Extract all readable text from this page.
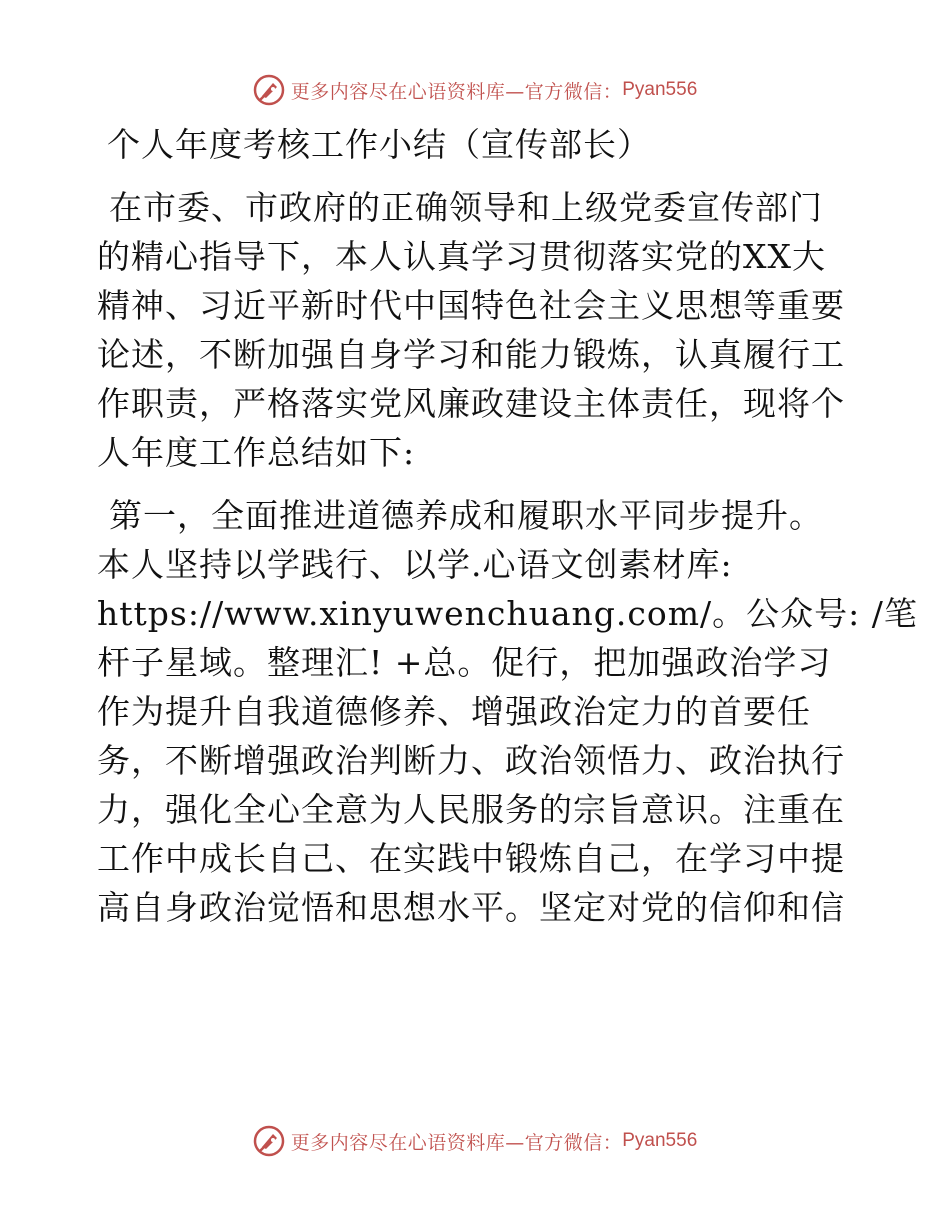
更多内容尽在心语资料库—官方微信： Pyan556
个人年度考核工作小结（宣传部长）
在市委、市政府的正确领导和上级党委宣传部门
的精心指导下，本人认真学习贯彻落实党的XX大
精神、习近平新时代中国特色社会主义思想等重要
论述，不断加强自身学习和能力锻炼，认真履行工
作职责，严格落实党风廉政建设主体责任，现将个
人年度工作总结如下:
第一，全面推进道德养成和履职水平同步提升。
本人坚持以学践行、以学.心语文创素材库:
https://www.xinyuwenchuang.com/。公众号: /笔
杆子星域。整理汇! +总。促行，把加强政治学习
作为提升自我道德修养、增强政治定力的首要任
务，不断增强政治判断力、政治领悟力、政治执行
力，强化全心全意为人民服务的宗旨意识。注重在
工作中成长自己、在实践中锻炼自己，在学习中提
高自身政治觉悟和思想水平。坚定对党的信仰和信
更多内容尽在心语资料库—官方微信： Pyan556
